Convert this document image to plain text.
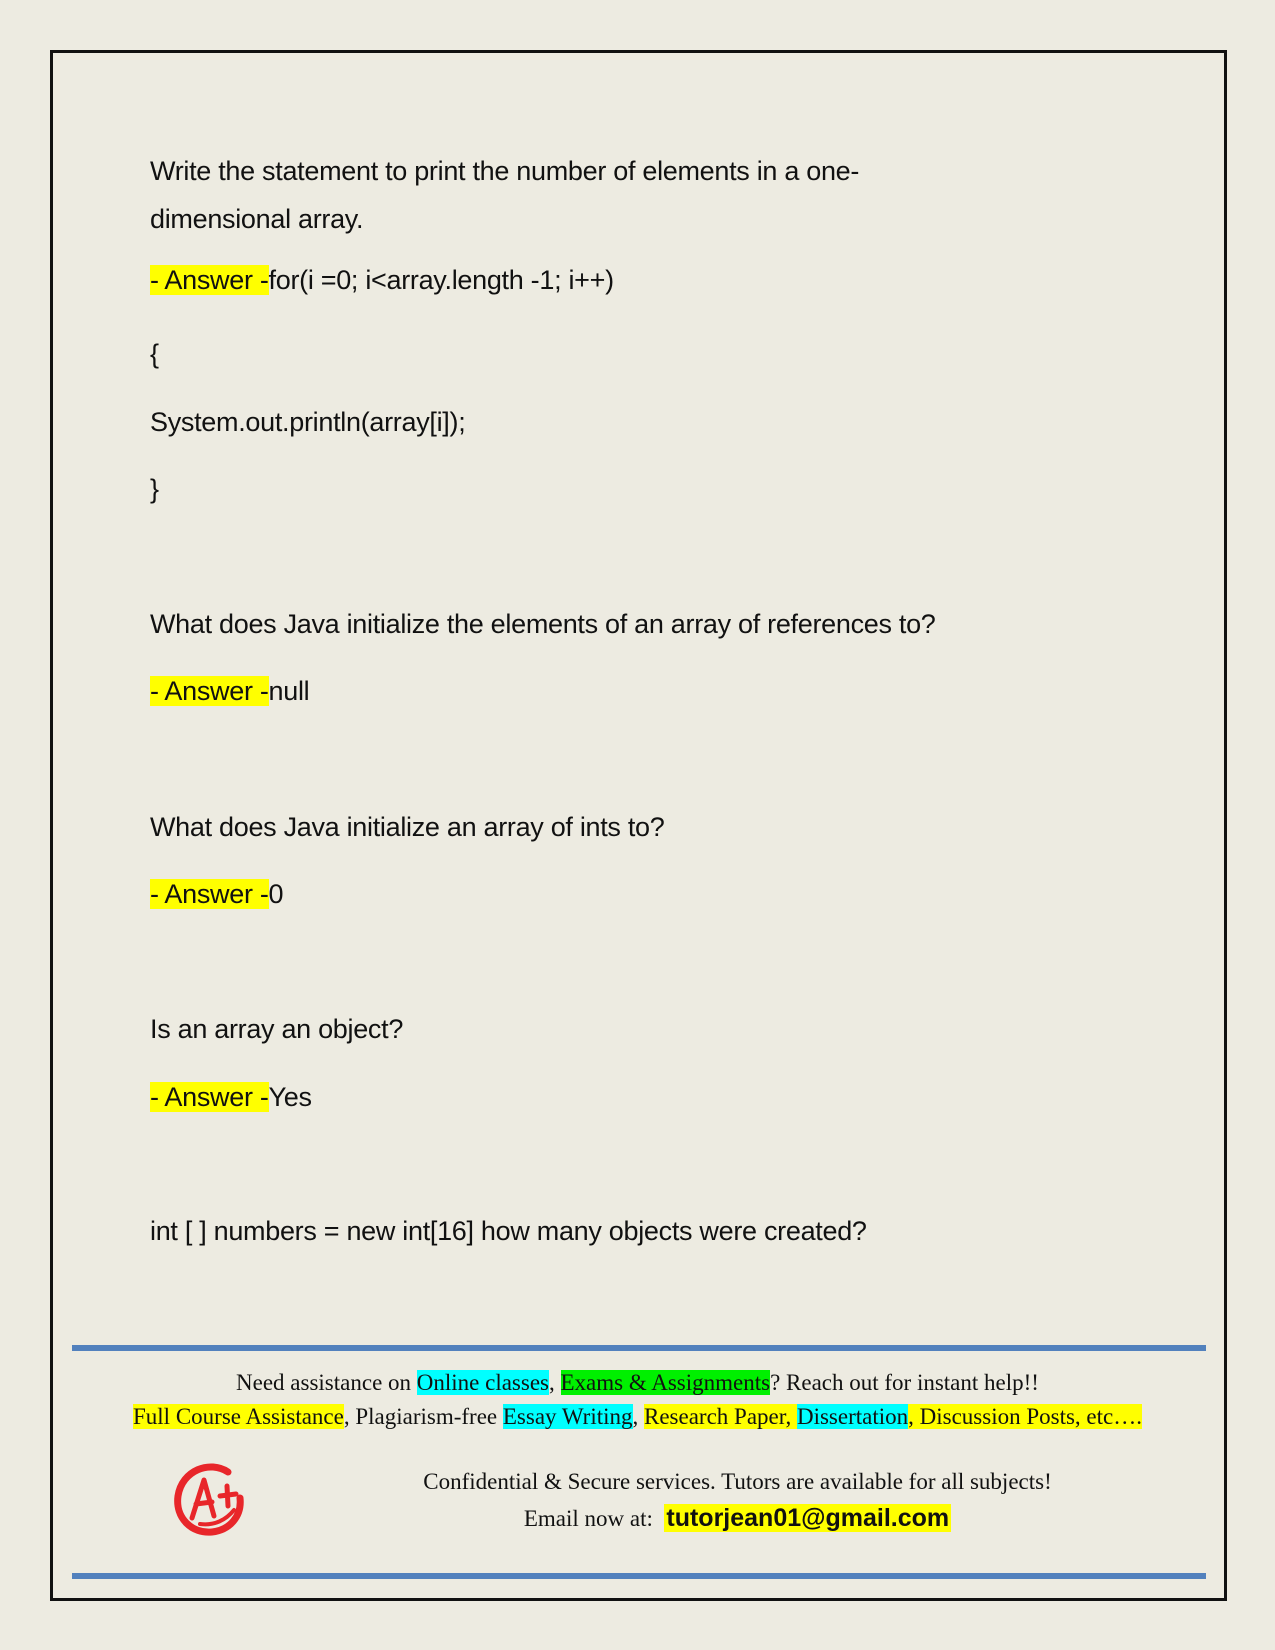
Write the statement to print the number of elements in a one-
dimensional array.
- Answer -for(i =0; i<array.length -1; i++)
{
System.out.println(array[i]);
}
What does Java initialize the elements of an array of references to?
- Answer -null
What does Java initialize an array of ints to?
- Answer -0
Is an array an object?
- Answer -Yes
int [ ] numbers = new int[16] how many objects were created?
Need assistance on Online classes, Exams & Assignments? Reach out for instant help!!
Full Course Assistance, Plagiarism-free Essay Writing, Research Paper, Dissertation, Discussion Posts, etc….
Confidential & Secure services. Tutors are available for all subjects!
Email now at:  tutorjean01@gmail.com
